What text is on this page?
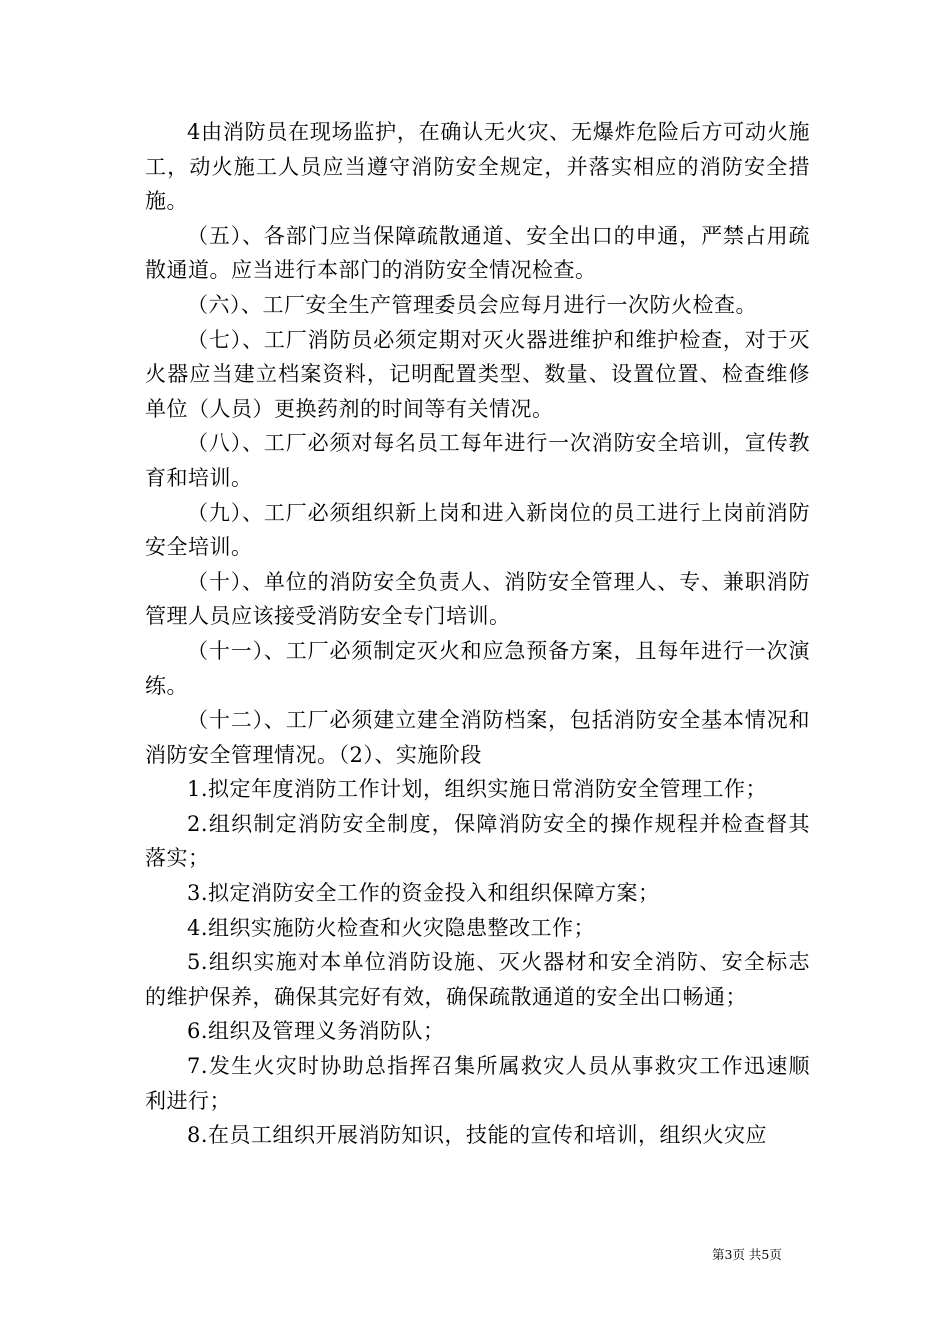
4由消防员在现场监护，在确认无火灾、无爆炸危险后方可动火施工，动火施工人员应当遵守消防安全规定，并落实相应的消防安全措施。

（五）、各部门应当保障疏散通道、安全出口的申通，严禁占用疏散通道。应当进行本部门的消防安全情况检查。

（六）、工厂安全生产管理委员会应每月进行一次防火检查。

（七）、工厂消防员必须定期对灭火器进维护和维护检查，对于灭火器应当建立档案资料，记明配置类型、数量、设置位置、检查维修单位（人员）更换药剂的时间等有关情况。

（八）、工厂必须对每名员工每年进行一次消防安全培训，宣传教育和培训。

（九）、工厂必须组织新上岗和进入新岗位的员工进行上岗前消防安全培训。

（十）、单位的消防安全负责人、消防安全管理人、专、兼职消防管理人员应该接受消防安全专门培训。

（十一）、工厂必须制定灭火和应急预备方案，且每年进行一次演练。

（十二）、工厂必须建立建全消防档案，包括消防安全基本情况和消防安全管理情况。（2）、实施阶段

1.拟定年度消防工作计划，组织实施日常消防安全管理工作；

2.组织制定消防安全制度，保障消防安全的操作规程并检查督其落实；

3.拟定消防安全工作的资金投入和组织保障方案；

4.组织实施防火检查和火灾隐患整改工作；

5.组织实施对本单位消防设施、灭火器材和安全消防、安全标志的维护保养，确保其完好有效，确保疏散通道的安全出口畅通；

6.组织及管理义务消防队；

7.发生火灾时协助总指挥召集所属救灾人员从事救灾工作迅速顺利进行；

8.在员工组织开展消防知识，技能的宣传和培训，组织火灾应

第3页 共5页
